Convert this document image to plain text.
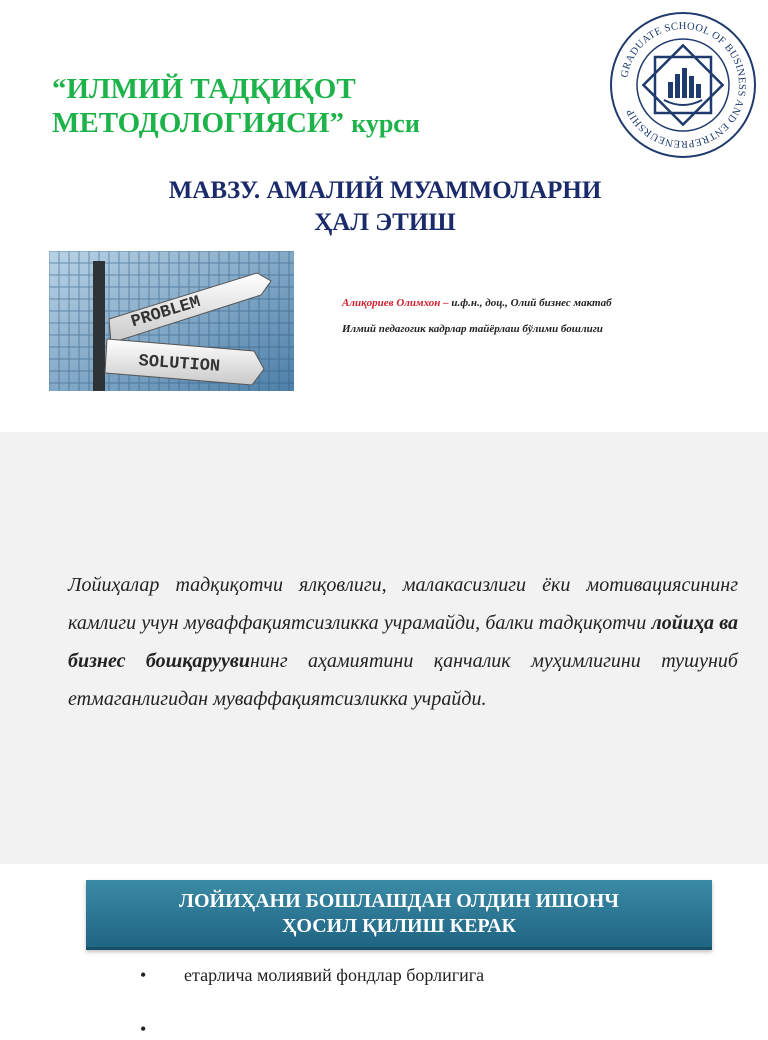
“ИЛМИЙ ТАДҚИҚОТ МЕТОДОЛОГИЯСИ” курси
GRADUATE SCHOOL OF BUSINESS AND ENTREPRENEURSHIP
МАВЗУ. АМАЛИЙ МУАММОЛАРНИ
ҲАЛ ЭТИШ
PROBLEM
SOLUTION
Алиқориев Олимхон – и.ф.н., доц., Олий бизнес мактаб
Илмий педагогик кадрлар тайёрлаш бўлими бошлиги

Лойиҳалар тадқиқотчи ялқовлиги, малакасизлиги ёки мотивациясининг камлиги учун муваффақиятсизликка учрамайди, балки тадқиқотчи лойиҳа ва бизнес бошқаруувининг аҳамиятини қанчалик муҳимлигини тушуниб етмаганлигидан муваффақиятсизликка учрайди.

ЛОЙИҲАНИ БОШЛАШДАН ОЛДИН ИШОНЧ
ҲОСИЛ ҚИЛИШ КЕРАК
• етарлича молиявий фондлар борлигига
•
